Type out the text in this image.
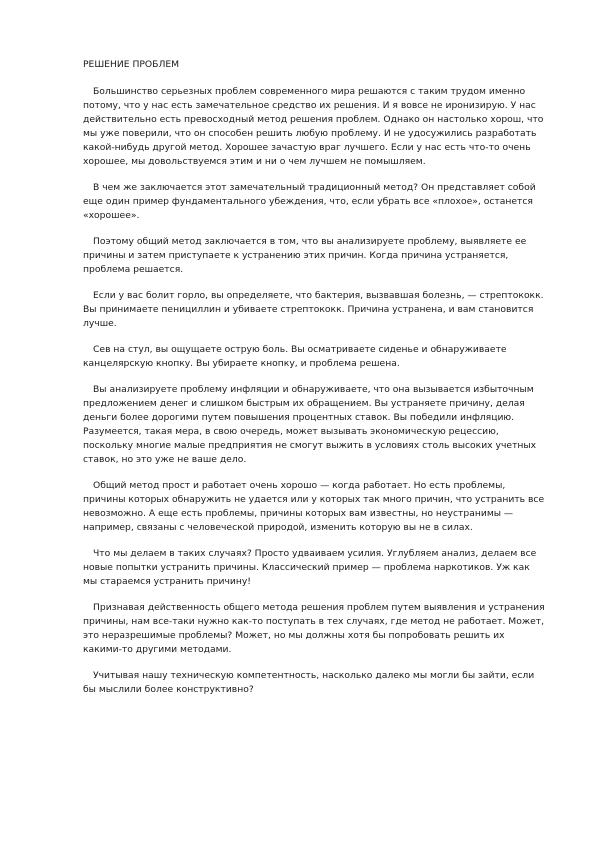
РЕШЕНИЕ ПРОБЛЕМ

Большинство серьезных проблем современного мира решаются с таким трудом именно потому, что у нас есть замечательное средство их решения. И я вовсе не иронизирую. У нас действительно есть превосходный метод решения проблем. Однако он настолько хорош, что мы уже поверили, что он способен решить любую проблему. И не удосужились разработать какой-нибудь другой метод. Хорошее зачастую враг лучшего. Если у нас есть что-то очень хорошее, мы довольствуемся этим и ни о чем лучшем не помышляем.

В чем же заключается этот замечательный традиционный метод? Он представляет собой еще один пример фундаментального убеждения, что, если убрать все «плохое», останется «хорошее».

Поэтому общий метод заключается в том, что вы анализируете проблему, выявляете ее причины и затем приступаете к устранению этих причин. Когда причина устраняется, проблема решается.

Если у вас болит горло, вы определяете, что бактерия, вызвавшая болезнь, — стрептококк. Вы принимаете пенициллин и убиваете стрептококк. Причина устранена, и вам становится лучше.

Сев на стул, вы ощущаете острую боль. Вы осматриваете сиденье и обнаруживаете канцелярскую кнопку. Вы убираете кнопку, и проблема решена.

Вы анализируете проблему инфляции и обнаруживаете, что она вызывается избыточным предложением денег и слишком быстрым их обращением. Вы устраняете причину, делая деньги более дорогими путем повышения процентных ставок. Вы победили инфляцию. Разумеется, такая мера, в свою очередь, может вызывать экономическую рецессию, поскольку многие малые предприятия не смогут выжить в условиях столь высоких учетных ставок, но это уже не ваше дело.

Общий метод прост и работает очень хорошо — когда работает. Но есть проблемы, причины которых обнаружить не удается или у которых так много причин, что устранить все невозможно. А еще есть проблемы, причины которых вам известны, но неустранимы — например, связаны с человеческой природой, изменить которую вы не в силах.

Что мы делаем в таких случаях? Просто удваиваем усилия. Углубляем анализ, делаем все новые попытки устранить причины. Классический пример — проблема наркотиков. Уж как мы стараемся устранить причину!

Признавая действенность общего метода решения проблем путем выявления и устранения причины, нам все-таки нужно как-то поступать в тех случаях, где метод не работает. Может, это неразрешимые проблемы? Может, но мы должны хотя бы попробовать решить их какими-то другими методами.

Учитывая нашу техническую компетентность, насколько далеко мы могли бы зайти, если бы мыслили более конструктивно?
